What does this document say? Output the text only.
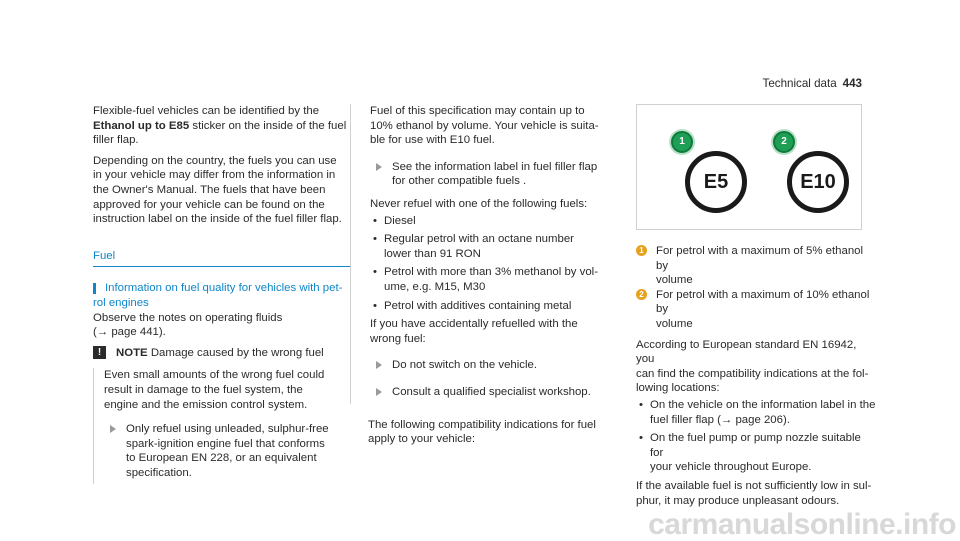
Technical data 443

Flexible-fuel vehicles can be identified by the
Ethanol up to E85 sticker on the inside of the fuel
filler flap.

Depending on the country, the fuels you can use
in your vehicle may differ from the information in
the Owner's Manual. The fuels that have been
approved for your vehicle can be found on the
instruction label on the inside of the fuel filler flap.

Fuel
Information on fuel quality for vehicles with pet-
rol engines

Observe the notes on operating fluids
(→ page 441).

!	NOTE Damage caused by the wrong fuel

Even small amounts of the wrong fuel could
result in damage to the fuel system, the
engine and the emission control system.

Only refuel using unleaded, sulphur-free
spark-ignition engine fuel that conforms
to European EN 228, or an equivalent
specification.

Fuel of this specification may contain up to
10% ethanol by volume. Your vehicle is suita-
ble for use with E10 fuel.

See the information label in fuel filler flap
for other compatible fuels .

Never refuel with one of the following fuels:

• Diesel
• Regular petrol with an octane number
lower than 91 RON
• Petrol with more than 3% methanol by vol-
ume, e.g. M15, M30
• Petrol with additives containing metal

If you have accidentally refuelled with the
wrong fuel:

Do not switch on the vehicle.
Consult a qualified specialist workshop.

The following compatibility indications for fuel
apply to your vehicle:

1	2
E5	E10
1 For petrol with a maximum of 5% ethanol by
volume
2 For petrol with a maximum of 10% ethanol by
volume

According to European standard EN 16942, you
can find the compatibility indications at the fol-
lowing locations:

• On the vehicle on the information label in the
fuel filler flap (→ page 206).
• On the fuel pump or pump nozzle suitable for
your vehicle throughout Europe.

If the available fuel is not sufficiently low in sul-
phur, it may produce unpleasant odours.

carmanualsonline.info
